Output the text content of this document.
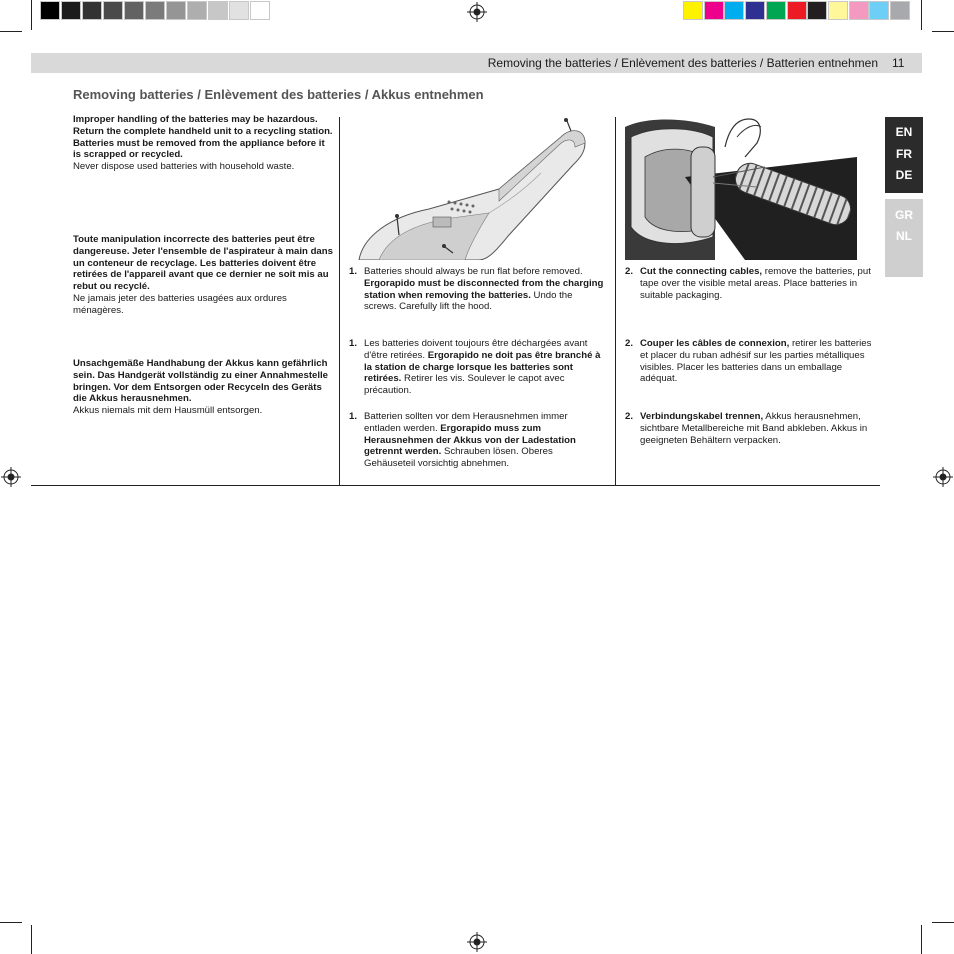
Removing the batteries / Enlèvement des batteries / Batterien entnehmen 11
Removing batteries / Enlèvement des batteries / Akkus entnehmen
Improper handling of the batteries may be hazardous. Return the complete handheld unit to a recycling station. Batteries must be removed from the appliance before it is scrapped or recycled.
Never dispose used batteries with household waste.
Toute manipulation incorrecte des batteries peut être dangereuse. Jeter l'ensemble de l'aspirateur à main dans un conteneur de recyclage. Les batteries doivent être retirées de l'appareil avant que ce dernier ne soit mis au rebut ou recyclé.
Ne jamais jeter des batteries usagées aux ordures ménagères.
Unsachgemäße Handhabung der Akkus kann gefährlich sein. Das Handgerät vollständig zu einer Annahmestelle bringen. Vor dem Entsorgen oder Recyceln des Geräts die Akkus herausnehmen.
Akkus niemals mit dem Hausmüll entsorgen.
1. Batteries should always be run flat before removed. Ergorapido must be disconnected from the charging station when removing the batteries. Undo the screws. Carefully lift the hood.
1. Les batteries doivent toujours être déchargées avant d'être retirées. Ergorapido ne doit pas être branché à la station de charge lorsque les batteries sont retirées. Retirer les vis. Soulever le capot avec précaution.
1. Batterien sollten vor dem Herausnehmen immer entladen werden. Ergorapido muss zum Herausnehmen der Akkus von der Ladestation getrennt werden. Schrauben lösen. Oberes Gehäuseteil vorsichtig abnehmen.
2. Cut the connecting cables, remove the batteries, put tape over the visible metal areas. Place batteries in suitable packaging.
2. Couper les câbles de connexion, retirer les batteries et placer du ruban adhésif sur les parties métalliques visibles. Placer les batteries dans un emballage adéquat.
2. Verbindungskabel trennen, Akkus herausnehmen, sichtbare Metallbereiche mit Band abkleben. Akkus in geeigneten Behältern verpacken.
EN
FR
DE
GR
NL
